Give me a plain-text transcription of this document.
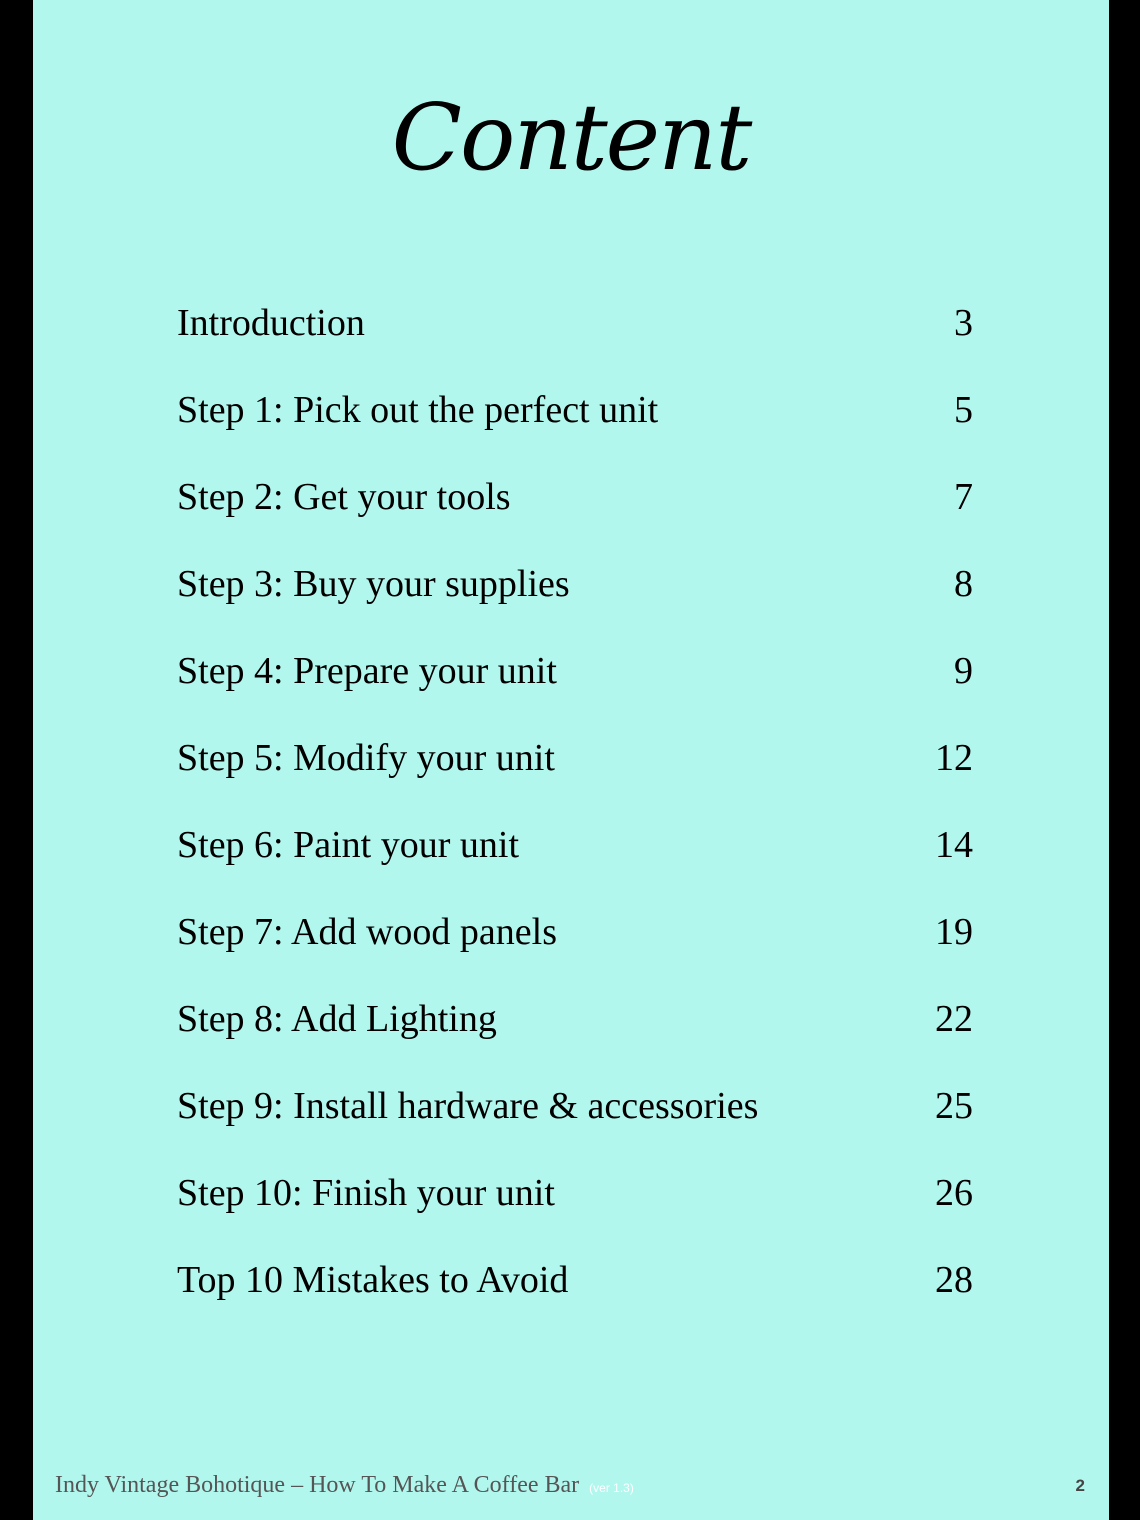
Content
Introduction	3
Step 1: Pick out the perfect unit	5
Step 2: Get your tools	7
Step 3: Buy your supplies	8
Step 4: Prepare your unit	9
Step 5: Modify your unit	12
Step 6: Paint your unit	14
Step 7: Add wood panels	19
Step 8: Add Lighting	22
Step 9: Install hardware & accessories	25
Step 10: Finish your unit	26
Top 10 Mistakes to Avoid	28
Indy Vintage Bohotique – How To Make A Coffee Bar (ver 1.3)	2
